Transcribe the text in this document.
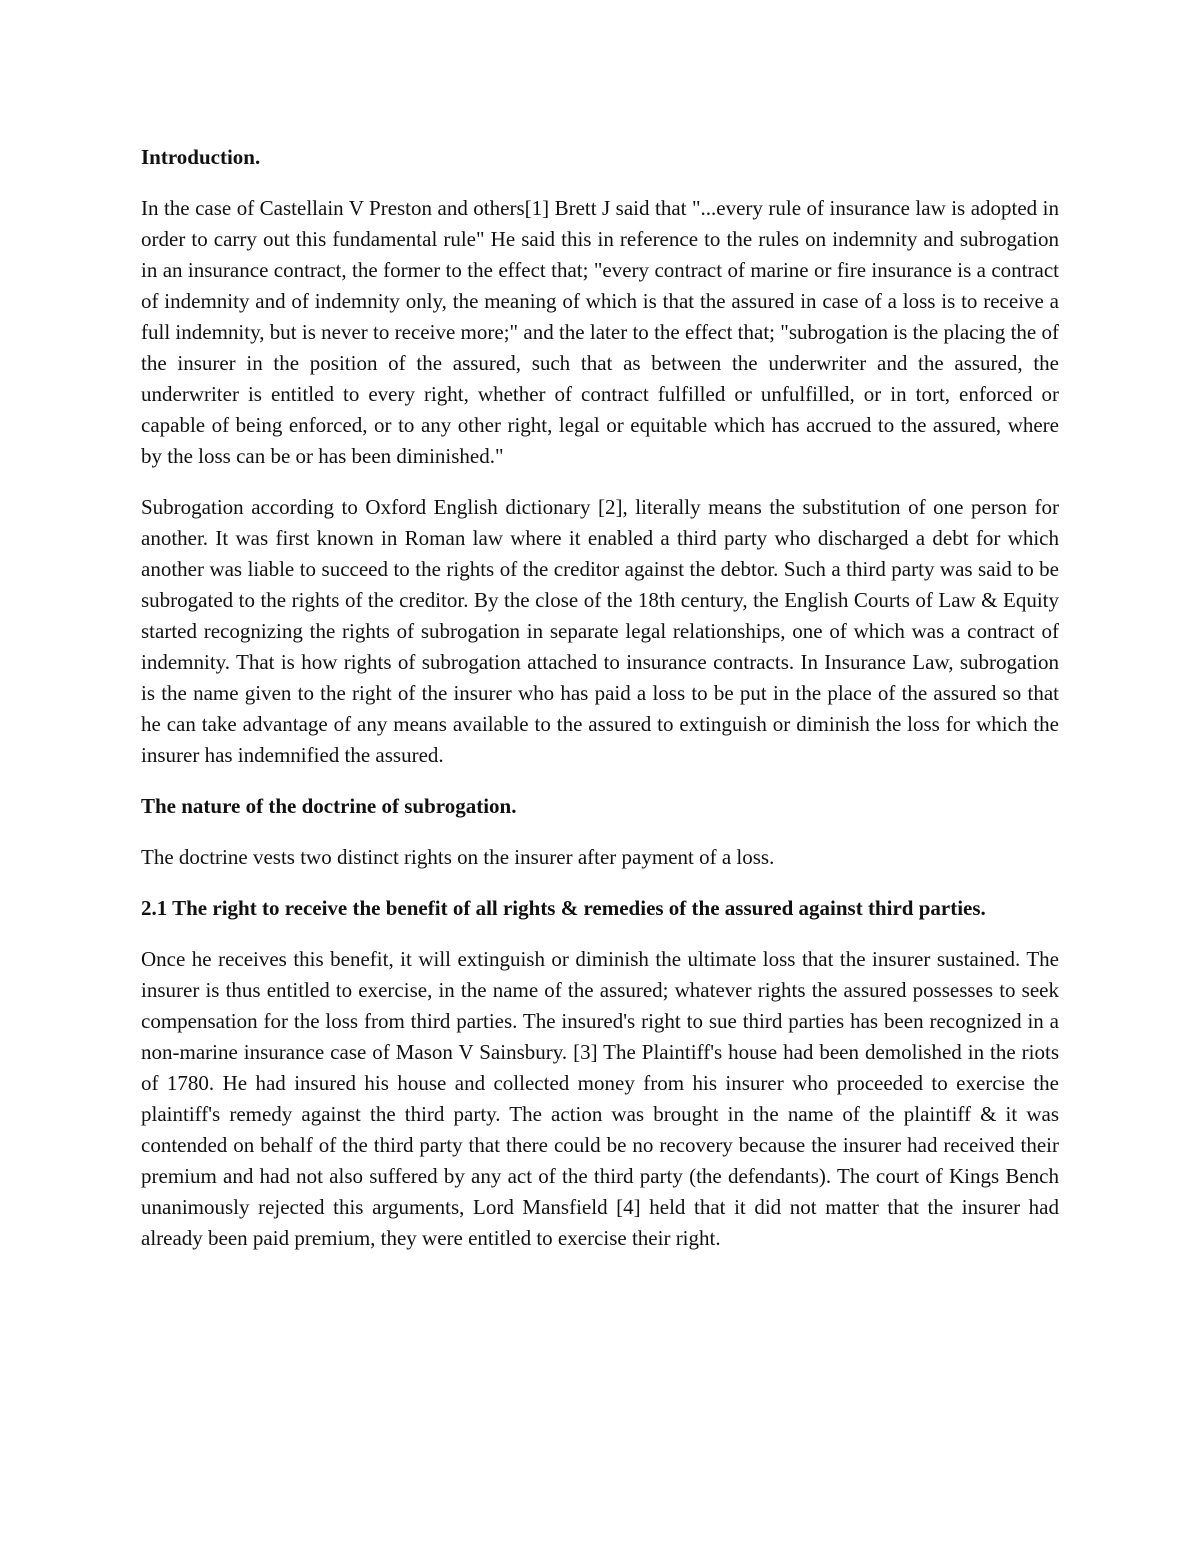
Introduction.

In the case of Castellain V Preston and others[1] Brett J said that "...every rule of insurance law is adopted in order to carry out this fundamental rule" He said this in reference to the rules on indemnity and subrogation in an insurance contract, the former to the effect that; "every contract of marine or fire insurance is a contract of indemnity and of indemnity only, the meaning of which is that the assured in case of a loss is to receive a full indemnity, but is never to receive more;" and the later to the effect that; "subrogation is the placing the of the insurer in the position of the assured, such that as between the underwriter and the assured, the underwriter is entitled to every right, whether of contract fulfilled or unfulfilled, or in tort, enforced or capable of being enforced, or to any other right, legal or equitable which has accrued to the assured, where by the loss can be or has been diminished."

Subrogation according to Oxford English dictionary [2], literally means the substitution of one person for another. It was first known in Roman law where it enabled a third party who discharged a debt for which another was liable to succeed to the rights of the creditor against the debtor. Such a third party was said to be subrogated to the rights of the creditor. By the close of the 18th century, the English Courts of Law & Equity started recognizing the rights of subrogation in separate legal relationships, one of which was a contract of indemnity. That is how rights of subrogation attached to insurance contracts. In Insurance Law, subrogation is the name given to the right of the insurer who has paid a loss to be put in the place of the assured so that he can take advantage of any means available to the assured to extinguish or diminish the loss for which the insurer has indemnified the assured.

The nature of the doctrine of subrogation.

The doctrine vests two distinct rights on the insurer after payment of a loss.

2.1 The right to receive the benefit of all rights & remedies of the assured against third parties.

Once he receives this benefit, it will extinguish or diminish the ultimate loss that the insurer sustained. The insurer is thus entitled to exercise, in the name of the assured; whatever rights the assured possesses to seek compensation for the loss from third parties. The insured's right to sue third parties has been recognized in a non-marine insurance case of Mason V Sainsbury. [3] The Plaintiff's house had been demolished in the riots of 1780. He had insured his house and collected money from his insurer who proceeded to exercise the plaintiff's remedy against the third party. The action was brought in the name of the plaintiff & it was contended on behalf of the third party that there could be no recovery because the insurer had received their premium and had not also suffered by any act of the third party (the defendants). The court of Kings Bench unanimously rejected this arguments, Lord Mansfield [4] held that it did not matter that the insurer had already been paid premium, they were entitled to exercise their right.
